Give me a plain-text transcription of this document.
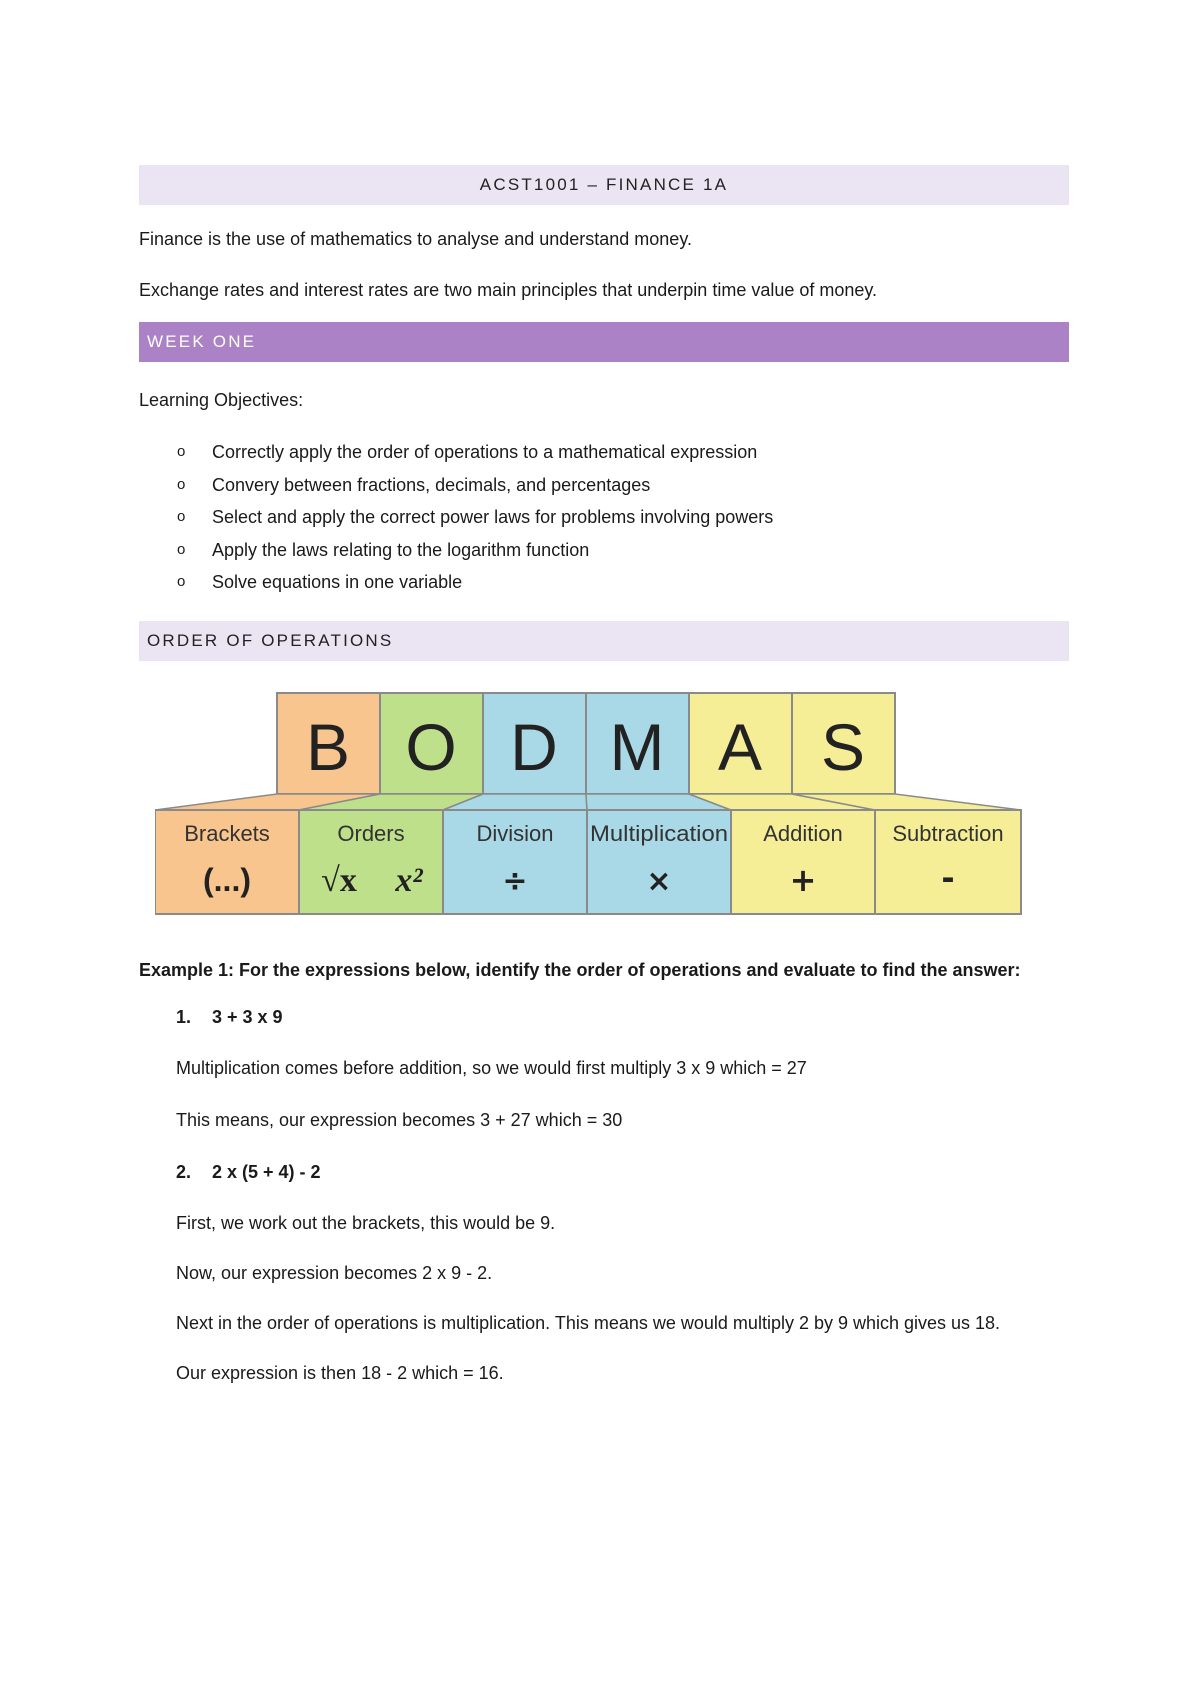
ACST1001 – FINANCE 1A

Finance is the use of mathematics to analyse and understand money.

Exchange rates and interest rates are two main principles that underpin time value of money.

WEEK ONE

Learning Objectives:

o	Correctly apply the order of operations to a mathematical expression
o	Convery between fractions, decimals, and percentages
o	Select and apply the correct power laws for problems involving powers
o	Apply the laws relating to the logarithm function
o	Solve equations in one variable
ORDER OF OPERATIONS
B O D M A S
Brackets	Orders	Division Multiplication Addition Subtraction
(...) √x x²	÷	×	+	-

Example 1: For the expressions below, identify the order of operations and evaluate to find the answer:

1.	3 + 3 x 9

Multiplication comes before addition, so we would first multiply 3 x 9 which = 27

This means, our expression becomes 3 + 27 which = 30

2.	2 x (5 + 4) - 2

First, we work out the brackets, this would be 9.

Now, our expression becomes 2 x 9 - 2.

Next in the order of operations is multiplication. This means we would multiply 2 by 9 which gives us 18.

Our expression is then 18 - 2 which = 16.
